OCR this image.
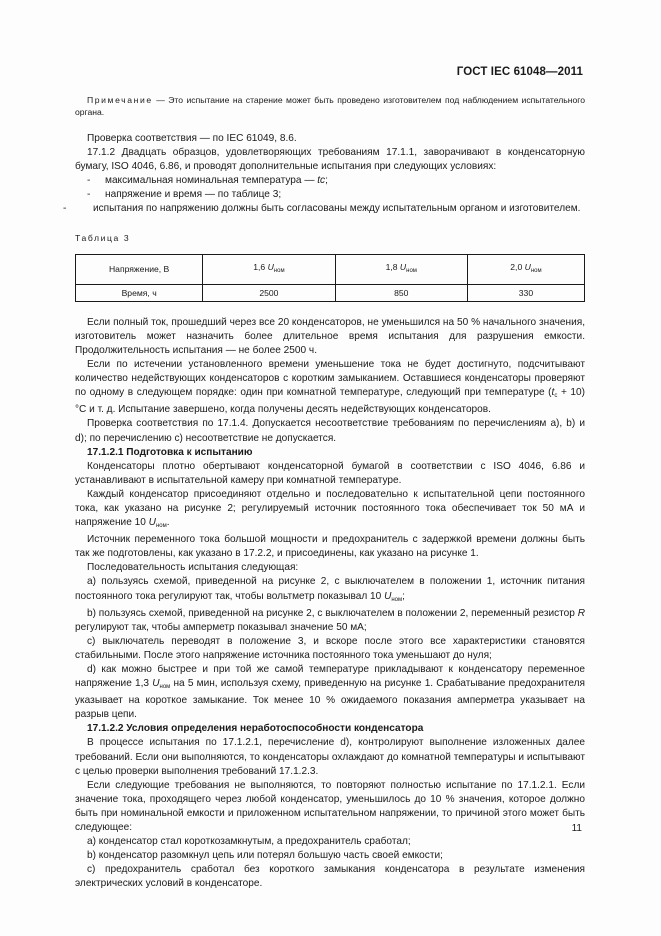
ГОСТ IEC 61048—2011

Примечание — Это испытание на старение может быть проведено изготовителем под наблюдением испытательного органа.

Проверка соответствия — по IEC 61049, 8.6.

17.1.2 Двадцать образцов, удовлетворяющих требованиям 17.1.1, заворачивают в конденсаторную бумагу, ISO 4046, 6.86, и проводят дополнительные испытания при следующих условиях:

-	максимальная номинальная температура — tc;
-	напряжение и время — по таблице 3;

-	испытания по напряжению должны быть согласованы между испытательным органом и изготовителем.

Таблица 3
Напряжение, В	1,6 $U_{ном}$	1,8 $U_{ном}$	2,0 $U_{ном}$
Время, ч	2500	850	330

Если полный ток, прошедший через все 20 конденсаторов, не уменьшился на 50 % начального значения, изготовитель может назначить более длительное время испытания для разрушения емкости. Продолжительность испытания — не более 2500 ч.

Если по истечении установленного времени уменьшение тока не будет достигнуто, подсчитывают количество недействующих конденсаторов с коротким замыканием. Оставшиеся конденсаторы проверяют по одному в следующем порядке: один при комнатной температуре, следующий при температуре $(t_c + 10)$ °С и т. д. Испытание завершено, когда получены десять недействующих конденсаторов.

Проверка соответствия по 17.1.4. Допускается несоответствие требованиям по перечислениям а), b) и d); по перечислению с) несоответствие не допускается.

17.1.2.1 Подготовка к испытанию

Конденсаторы плотно обертывают конденсаторной бумагой в соответствии с ISO 4046, 6.86 и устанавливают в испытательной камеру при комнатной температуре.

Каждый конденсатор присоединяют отдельно и последовательно к испытательной цепи постоянного тока, как указано на рисунке 2; регулируемый источник постоянного тока обеспечивает ток 50 мА и напряжение 10 $U_{ном}$.

Источник переменного тока большой мощности и предохранитель с задержкой времени должны быть так же подготовлены, как указано в 17.2.2, и присоединены, как указано на рисунке 1.

Последовательность испытания следующая:

а) пользуясь схемой, приведенной на рисунке 2, с выключателем в положении 1, источник питания постоянного тока регулируют так, чтобы вольтметр показывал 10 $U_{ном}$;

b) пользуясь схемой, приведенной на рисунке 2, с выключателем в положении 2, переменный резистор R регулируют так, чтобы амперметр показывал значение 50 мА;

с) выключатель переводят в положение 3, и вскоре после этого все характеристики становятся стабильными. После этого напряжение источника постоянного тока уменьшают до нуля;

d) как можно быстрее и при той же самой температуре прикладывают к конденсатору переменное напряжение 1,3 $U_{ном}$ на 5 мин, используя схему, приведенную на рисунке 1. Срабатывание предохранителя указывает на короткое замыкание. Ток менее 10 % ожидаемого показания амперметра указывает на разрыв цепи.

17.1.2.2 Условия определения неработоспособности конденсатора

В процессе испытания по 17.1.2.1, перечисление d), контролируют выполнение изложенных далее требований. Если они выполняются, то конденсаторы охлаждают до комнатной температуры и испытывают с целью проверки выполнения требований 17.1.2.3.

Если следующие требования не выполняются, то повторяют полностью испытание по 17.1.2.1. Если значение тока, проходящего через любой конденсатор, уменьшилось до 10 % значения, которое должно быть при номинальной емкости и приложенном испытательном напряжении, то причиной этого может быть следующее:

а) конденсатор стал короткозамкнутым, а предохранитель сработал;

b) конденсатор разомкнул цепь или потерял большую часть своей емкости;

с) предохранитель сработал без короткого замыкания конденсатора в результате изменения электрических условий в конденсаторе.

11
